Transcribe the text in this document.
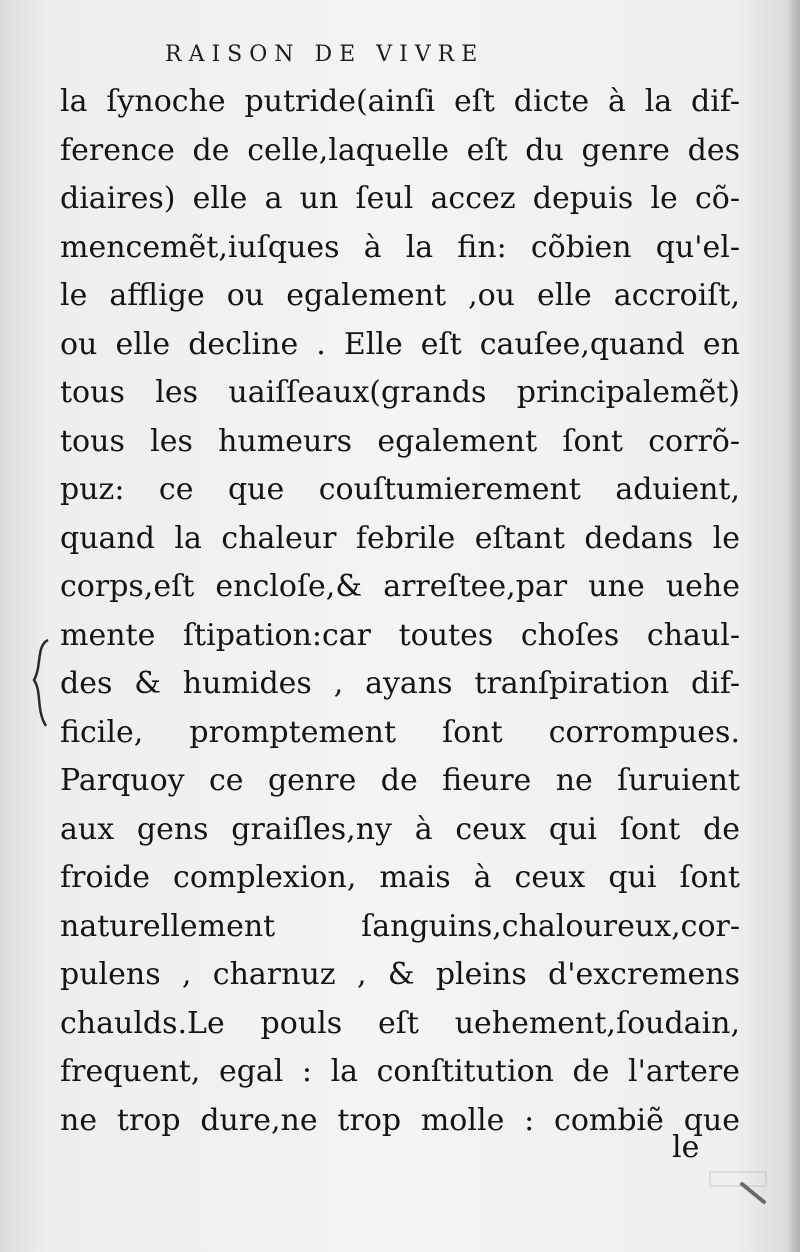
RAISON DE VIVRE
la ſynoche putride(ainſi eſt dicte à la dif-
ference de celle,laquelle eſt du genre des
diaires) elle a un ſeul accez depuis le cõ-
mencemẽt,iuſques à la fin: cõbien qu'el-
le afflige ou egalement ,ou elle accroiſt,
ou elle decline . Elle eſt cauſee,quand en
tous les uaiſſeaux(grands principalemẽt)
tous les humeurs egalement ſont corrõ-
puz: ce que couſtumierement aduient,
quand la chaleur febrile eſtant dedans le
corps,eſt encloſe,& arreſtee,par une uehe
mente ſtipation:car toutes choſes chaul-
des & humides , ayans tranſpiration dif-
ficile, promptement ſont corrompues.
Parquoy ce genre de fieure ne ſuruient
aux gens graiſles,ny à ceux qui ſont de
froide complexion, mais à ceux qui ſont
naturellement ſanguins,chaloureux,cor-
pulens , charnuz , & pleins d'excremens
chaulds.Le pouls eſt uehement,ſoudain,
frequent, egal : la conſtitution de l'artere
ne trop dure,ne trop molle : combiẽ que
le
